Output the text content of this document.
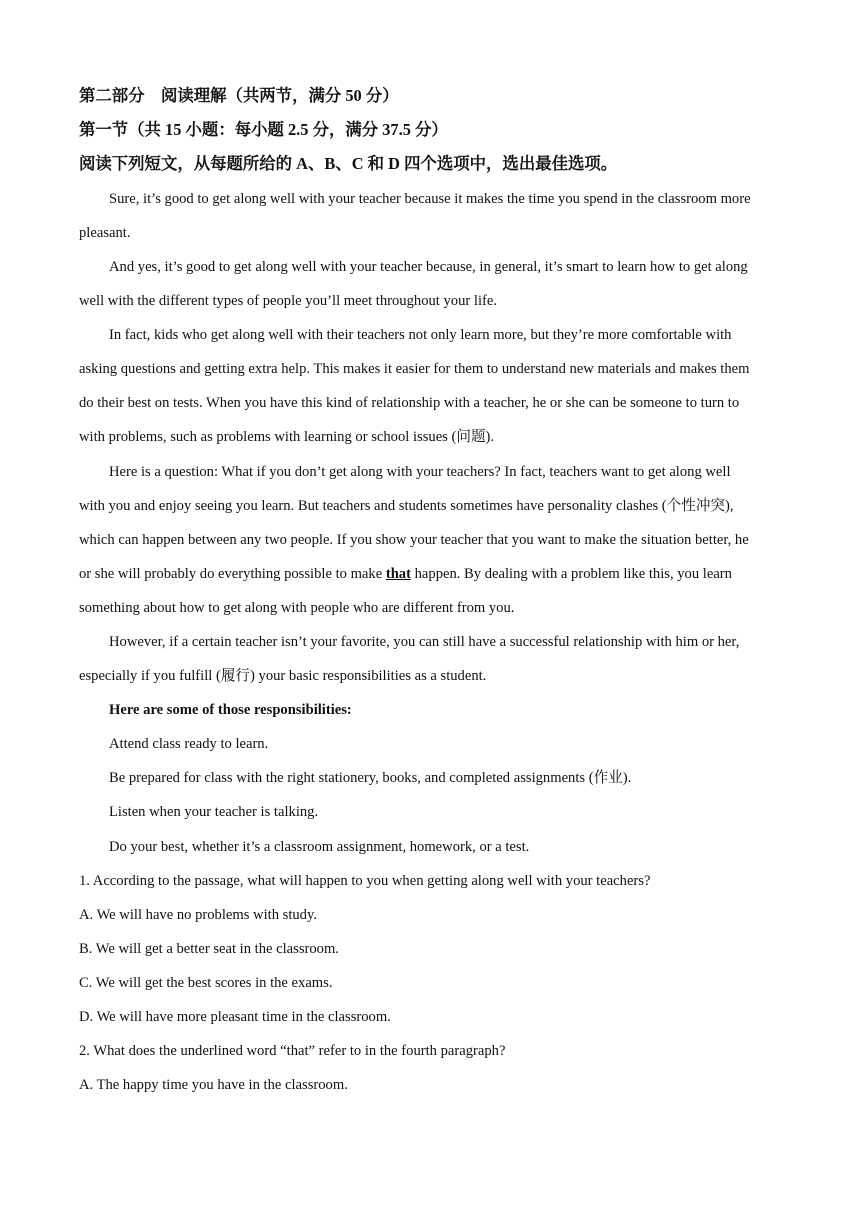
第二部分　阅读理解（共两节，满分 50 分）
第一节（共 15 小题：每小题 2.5 分，满分 37.5 分）
阅读下列短文，从每题所给的 A、B、C 和 D 四个选项中，选出最佳选项。
Sure, it’s good to get along well with your teacher because it makes the time you spend in the classroom more
pleasant.
And yes, it’s good to get along well with your teacher because, in general, it’s smart to learn how to get along
well with the different types of people you’ll meet throughout your life.
In fact, kids who get along well with their teachers not only learn more, but they’re more comfortable with
asking questions and getting extra help. This makes it easier for them to understand new materials and makes them
do their best on tests. When you have this kind of relationship with a teacher, he or she can be someone to turn to
with problems, such as problems with learning or school issues (问题).
Here is a question: What if you don’t get along with your teachers? In fact, teachers want to get along well
with you and enjoy seeing you learn. But teachers and students sometimes have personality clashes (个性冲突),
which can happen between any two people. If you show your teacher that you want to make the situation better, he
or she will probably do everything possible to make that happen. By dealing with a problem like this, you learn
something about how to get along with people who are different from you.
However, if a certain teacher isn’t your favorite, you can still have a successful relationship with him or her,
especially if you fulfill (履行) your basic responsibilities as a student.
Here are some of those responsibilities:
Attend class ready to learn.
Be prepared for class with the right stationery, books, and completed assignments (作业).
Listen when your teacher is talking.
Do your best, whether it’s a classroom assignment, homework, or a test.
1. According to the passage, what will happen to you when getting along well with your teachers?
A. We will have no problems with study.
B. We will get a better seat in the classroom.
C. We will get the best scores in the exams.
D. We will have more pleasant time in the classroom.
2. What does the underlined word “that” refer to in the fourth paragraph?
A. The happy time you have in the classroom.
